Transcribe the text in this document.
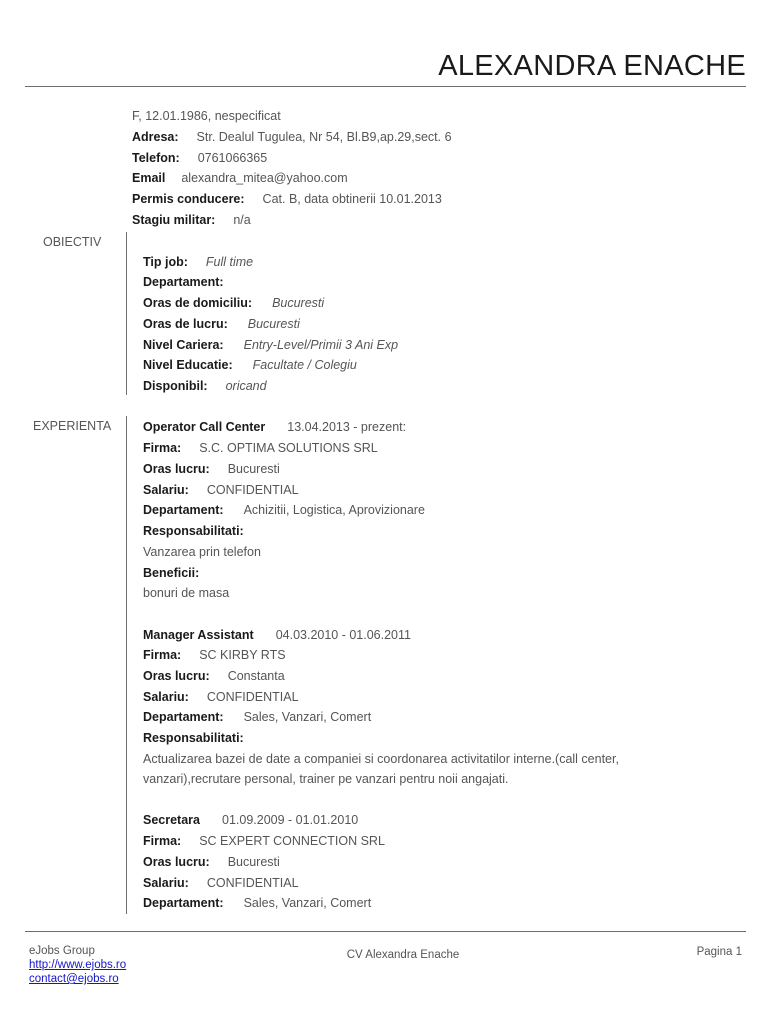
ALEXANDRA ENACHE
F, 12.01.1986, nespecificat
Adresa: Str. Dealul Tugulea, Nr 54, Bl.B9,ap.29,sect. 6
Telefon: 0761066365
Email alexandra_mitea@yahoo.com
Permis conducere: Cat. B, data obtinerii 10.01.2013
Stagiu militar: n/a
OBIECTIV
Tip job: Full time
Departament:
Oras de domiciliu: Bucuresti
Oras de lucru: Bucuresti
Nivel Cariera: Entry-Level/Primii 3 Ani Exp
Nivel Educatie: Facultate / Colegiu
Disponibil: oricand
EXPERIENTA	Operator Call Center 13.04.2013 - prezent:
Firma: S.C. OPTIMA SOLUTIONS SRL
Oras lucru: Bucuresti
Salariu: CONFIDENTIAL
Departament: Achizitii, Logistica, Aprovizionare
Responsabilitati:
Vanzarea prin telefon
Beneficii:
bonuri de masa
Manager Assistant 04.03.2010 - 01.06.2011
Firma: SC KIRBY RTS
Oras lucru: Constanta
Salariu: CONFIDENTIAL
Departament: Sales, Vanzari, Comert
Responsabilitati:
Actualizarea bazei de date a companiei si coordonarea activitatilor interne.(call center,
vanzari),recrutare personal, trainer pe vanzari pentru noii angajati.
Secretara 01.09.2009 - 01.01.2010
Firma: SC EXPERT CONNECTION SRL
Oras lucru: Bucuresti
Salariu: CONFIDENTIAL
Departament: Sales, Vanzari, Comert
eJobs Group
http://www.ejobs.ro
contact@ejobs.ro
CV Alexandra Enache	Pagina 1
